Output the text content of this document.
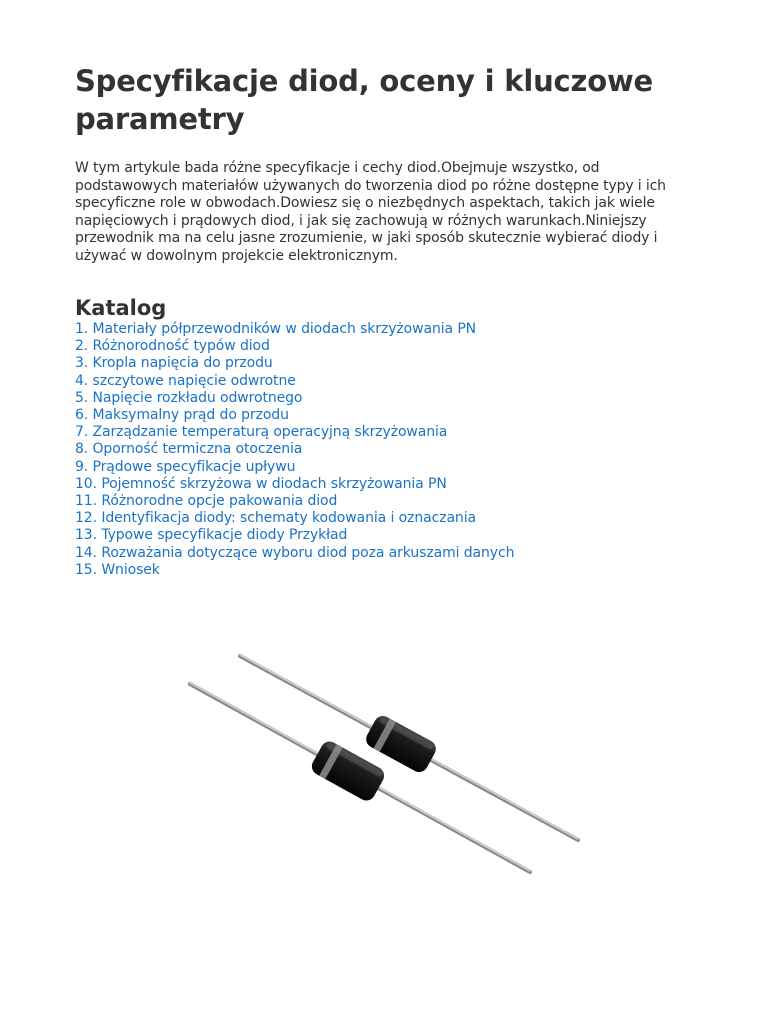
Specyfikacje diod, oceny i kluczowe parametry

W tym artykule bada różne specyfikacje i cechy diod.Obejmuje wszystko, od podstawowych materiałów używanych do tworzenia diod po różne dostępne typy i ich specyficzne role w obwodach.Dowiesz się o niezbędnych aspektach, takich jak wiele napięciowych i prądowych diod, i jak się zachowują w różnych warunkach.Niniejszy przewodnik ma na celu jasne zrozumienie, w jaki sposób skutecznie wybierać diody i używać w dowolnym projekcie elektronicznym.

Katalog
1. Materiały półprzewodników w diodach skrzyżowania PN
2. Różnorodność typów diod
3. Kropla napięcia do przodu
4. szczytowe napięcie odwrotne
5. Napięcie rozkładu odwrotnego
6. Maksymalny prąd do przodu
7. Zarządzanie temperaturą operacyjną skrzyżowania
8. Oporność termiczna otoczenia
9. Prądowe specyfikacje upływu
10. Pojemność skrzyżowa w diodach skrzyżowania PN
11. Różnorodne opcje pakowania diod
12. Identyfikacja diody: schematy kodowania i oznaczania
13. Typowe specyfikacje diody Przykład
14. Rozważania dotyczące wyboru diod poza arkuszami danych
15. Wniosek
